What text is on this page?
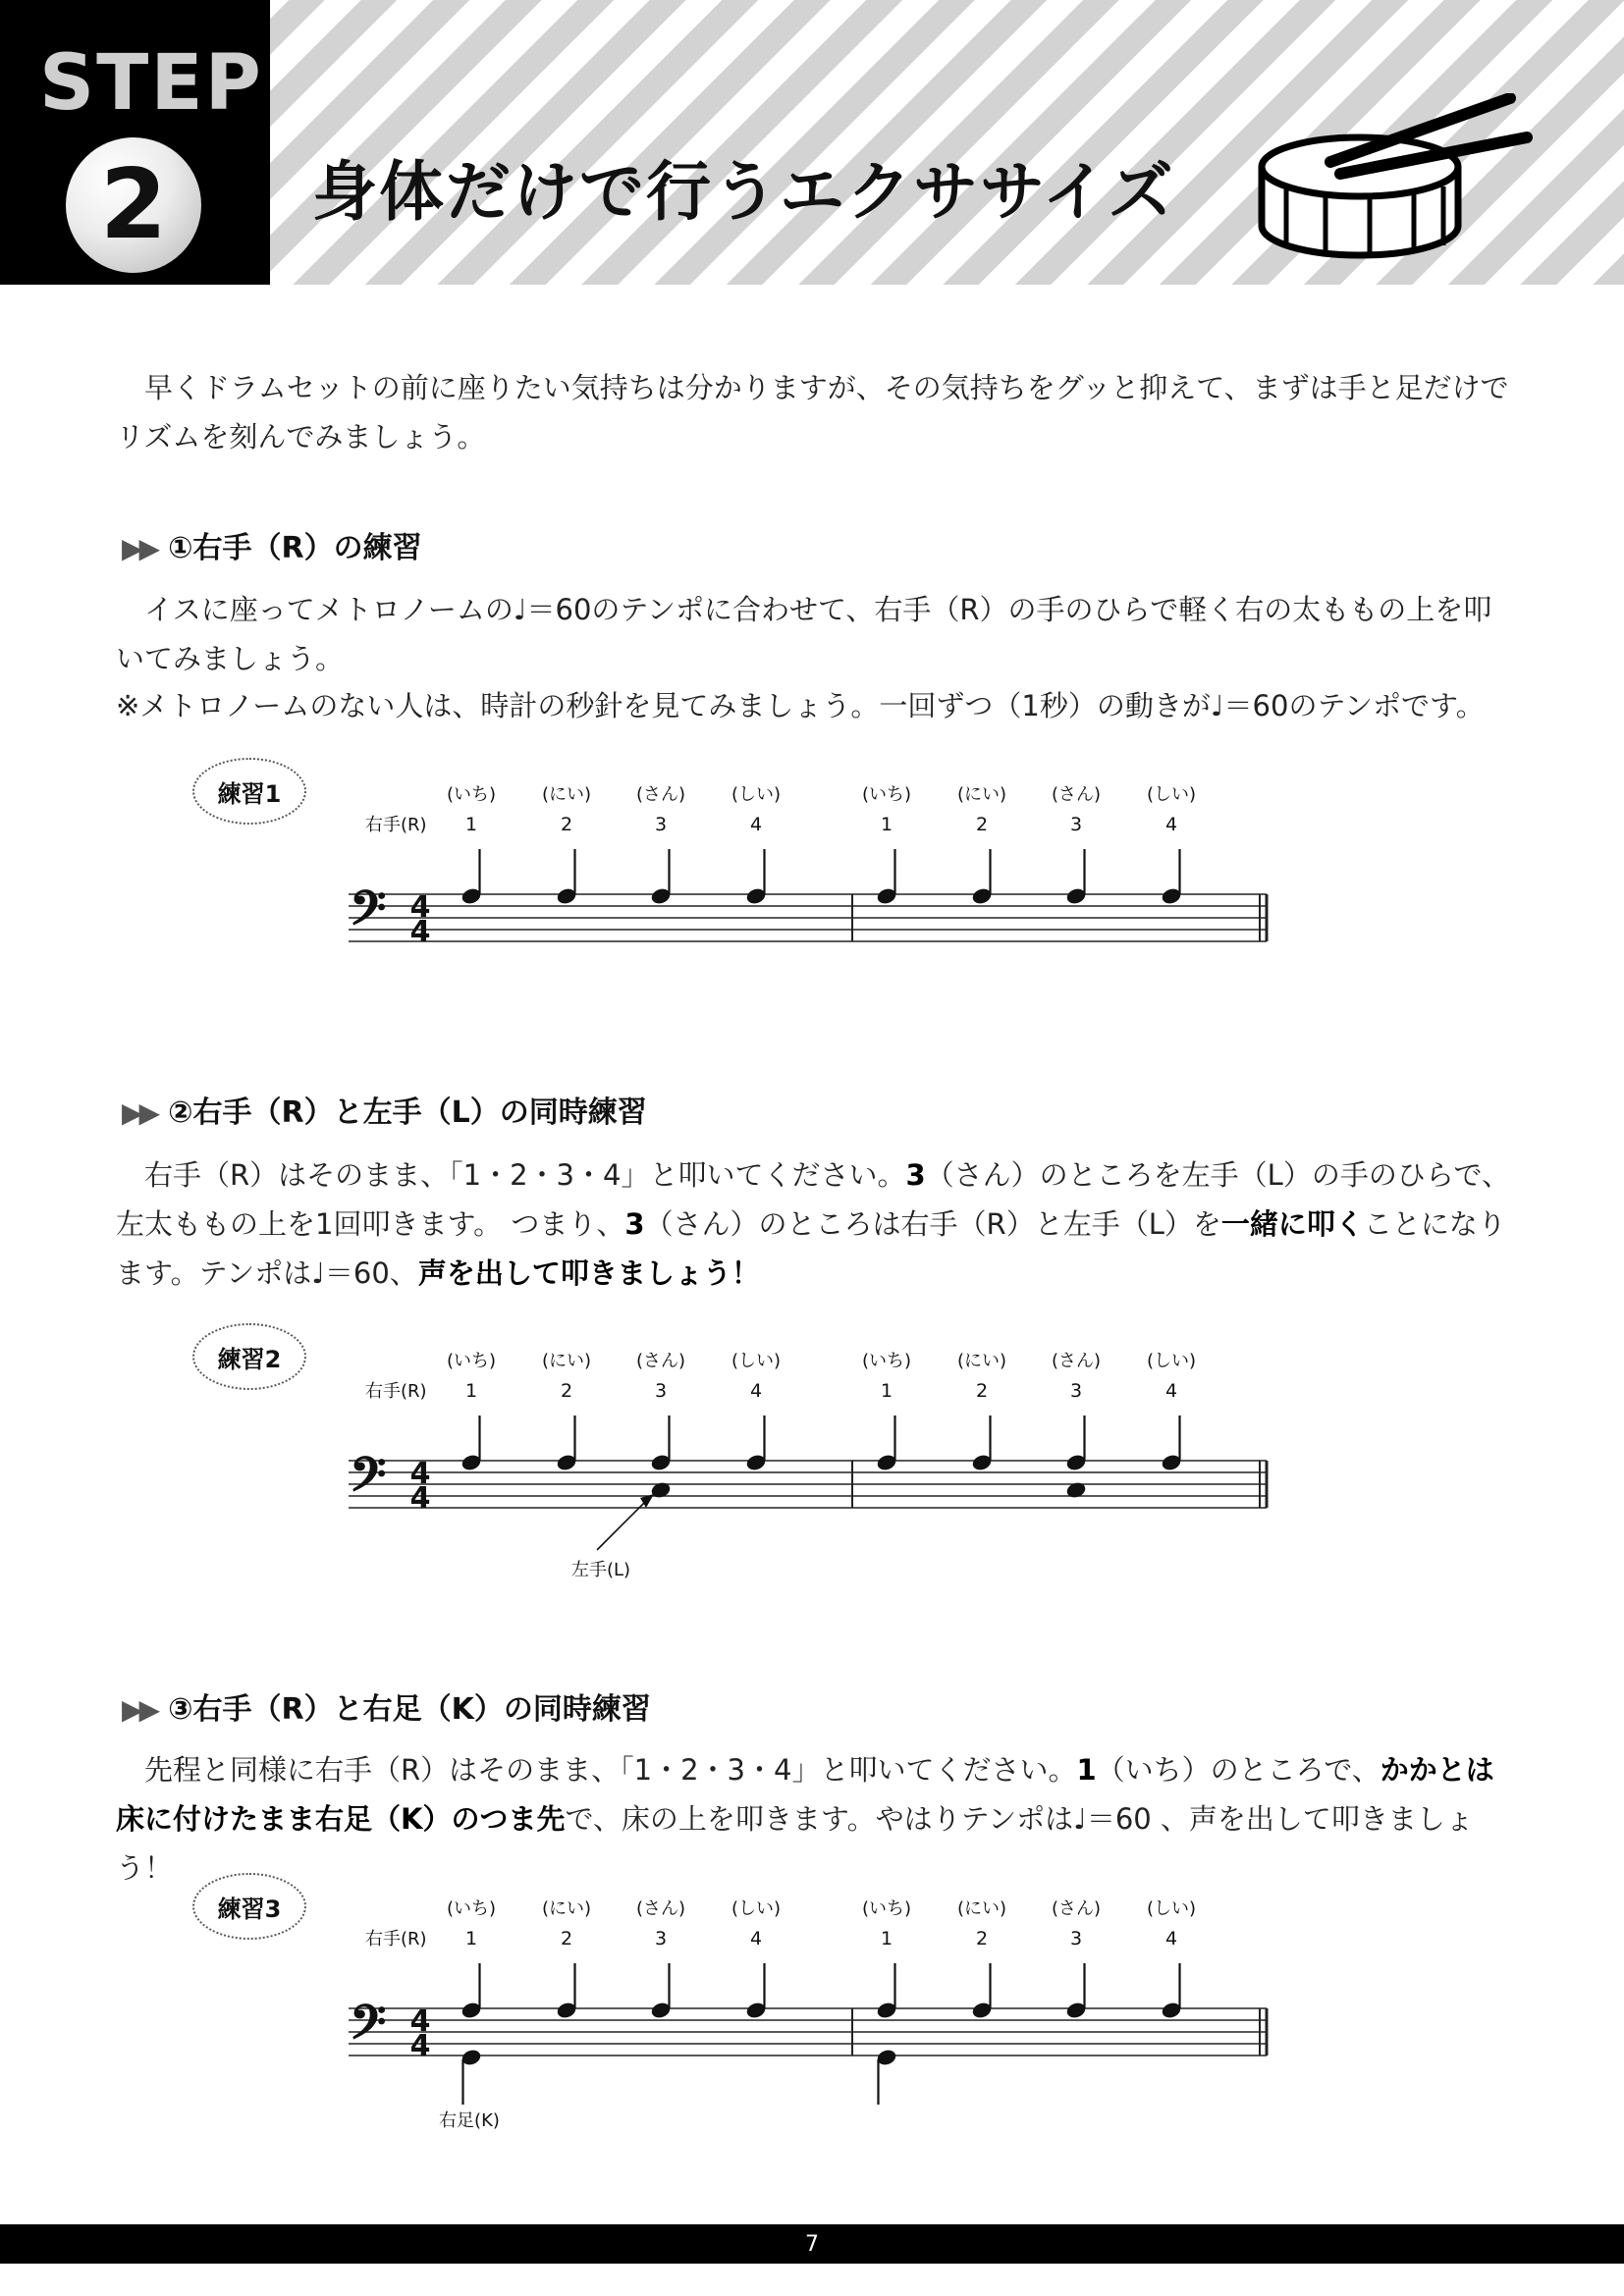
STEP
2	身体だけで行うエクササイズ
早くドラムセットの前に座りたい気持ちは分かりますが、その気持ちをグッと抑えて、まずは手と足だけでリズムを刻んでみましょう。
▶▶ ①右手（R）の練習
イスに座ってメトロノームの♩＝60のテンポに合わせて、右手（R）の手のひらで軽く右の太ももの上を叩いてみましょう。
※メトロノームのない人は、時計の秒針を見てみましょう。一回ずつ（1秒）の動きが♩＝60のテンポです。
練習1	(いち)	(にい)	(さん)	(しい)	(いち)	(にい)	(さん)	(しい)
右手(R) 1	2	3	4	1	2	3	4
𝄢 4
4
▶▶ ②右手（R）と左手（L）の同時練習
右手（R）はそのまま、「1・2・3・4」と叩いてください。3（さん）のところを左手（L）の手のひらで、左太ももの上を1回叩きます。 つまり、3（さん）のところは右手（R）と左手（L）を一緒に叩くことになります。テンポは♩＝60、声を出して叩きましょう！
練習2	(いち)	(にい)	(さん)	(しい)	(いち)	(にい)	(さん)	(しい)
右手(R) 1	2	3	4	1	2	3	4
𝄢 4
4
左手(L)
▶▶ ③右手（R）と右足（K）の同時練習
先程と同様に右手（R）はそのまま、「1・2・3・4」と叩いてください。1（いち）のところで、かかとは床に付けたまま右足（K）のつま先で、床の上を叩きます。やはりテンポは♩＝60 、声を出して叩きましょう！
練習3	(いち)	(にい)	(さん)	(しい)	(いち)	(にい)	(さん)	(しい)
右手(R) 1	2	3	4	1	2	3	4
𝄢 4
4
右足(K)
7
